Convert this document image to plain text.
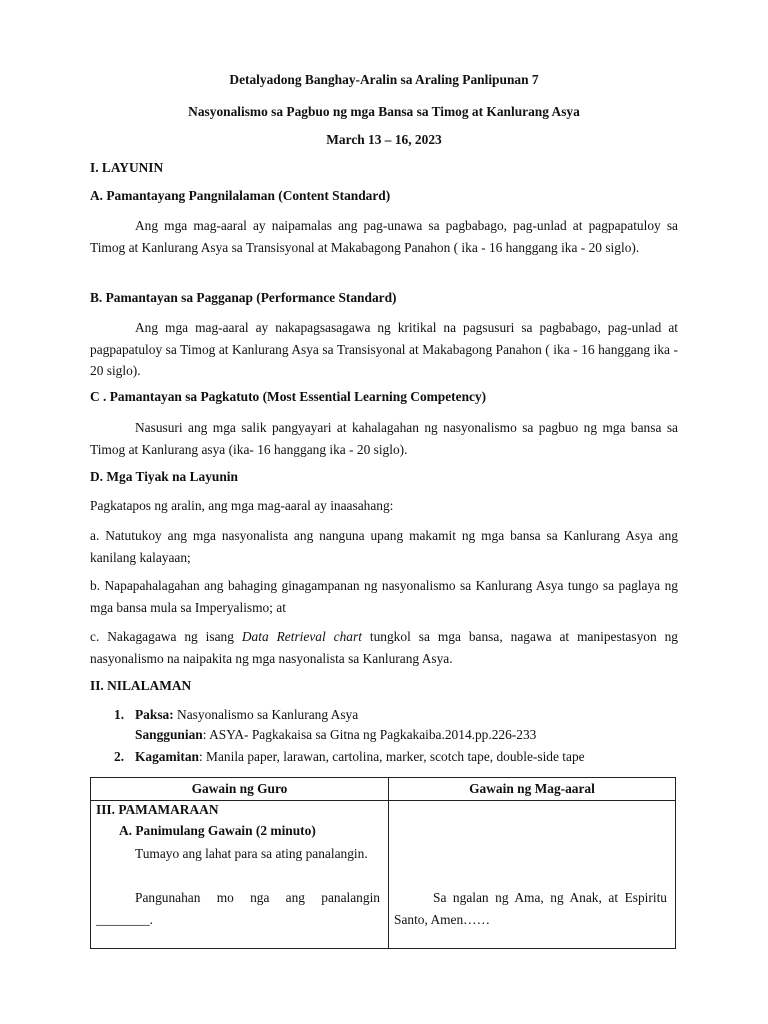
Detalyadong Banghay-Aralin sa Araling Panlipunan 7
Nasyonalismo sa Pagbuo ng mga Bansa sa Timog at Kanlurang Asya
March 13 – 16, 2023
I. LAYUNIN
A. Pamantayang Pangnilalaman (Content Standard)
Ang mga mag-aaral ay naipamalas ang pag-unawa sa pagbabago, pag-unlad at pagpapatuloy sa Timog at Kanlurang Asya sa Transisyonal at Makabagong Panahon ( ika - 16 hanggang ika - 20 siglo).
B. Pamantayan sa Pagganap (Performance Standard)
Ang mga mag-aaral ay nakapagsasagawa ng kritikal na pagsusuri sa pagbabago, pag-unlad at pagpapatuloy sa Timog at Kanlurang Asya sa Transisyonal at Makabagong Panahon ( ika - 16 hanggang ika - 20 siglo).
C . Pamantayan sa Pagkatuto (Most Essential Learning Competency)
Nasusuri ang mga salik pangyayari at kahalagahan ng nasyonalismo sa pagbuo ng mga bansa sa Timog at Kanlurang asya (ika- 16 hanggang ika - 20 siglo).
D. Mga Tiyak na Layunin
Pagkatapos ng aralin, ang mga mag-aaral ay inaasahang:
a. Natutukoy ang mga nasyonalista ang nanguna upang makamit ng mga bansa sa Kanlurang Asya ang kanilang kalayaan;
b. Napapahalagahan ang bahaging ginagampanan ng nasyonalismo sa Kanlurang Asya tungo sa paglaya ng mga bansa mula sa Imperyalismo; at
c. Nakagagawa ng isang Data Retrieval chart tungkol sa mga bansa, nagawa at manipestasyon ng nasyonalismo na naipakita ng mga nasyonalista sa Kanlurang Asya.
II. NILALAMAN
1. Paksa: Nasyonalismo sa Kanlurang Asya
Sanggunian: ASYA- Pagkakaisa sa Gitna ng Pagkakaiba.2014.pp.226-233
2. Kagamitan: Manila paper, larawan, cartolina, marker, scotch tape, double-side tape
Gawain ng Guro	Gawain ng Mag-aaral

III. PAMAMARAAN
A. Panimulang Gawain (2 minuto)
Tumayo ang lahat para sa ating panalangin.
Pangunahan mo nga ang panalangin ________.	Sa ngalan ng Ama, ng Anak, at Espiritu Santo, Amen……
